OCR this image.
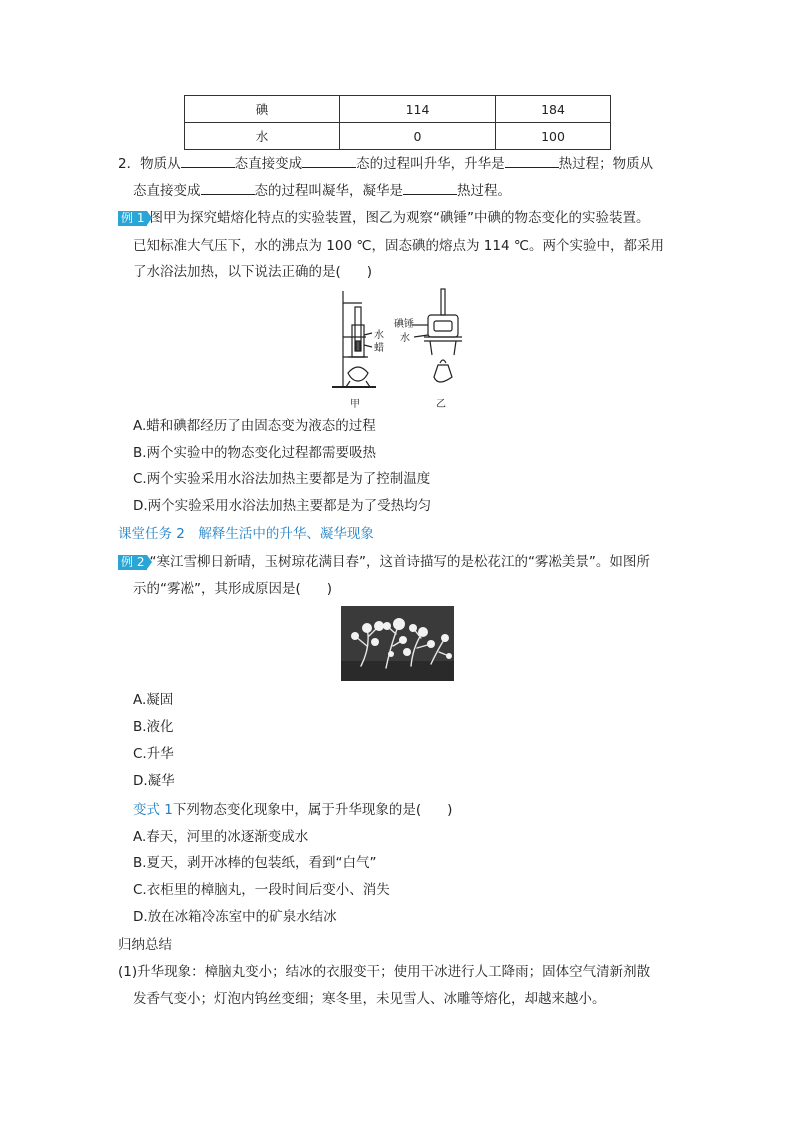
碘	114	184
水	0	100
2．物质从	态直接变成	态的过程叫升华，升华是	热过程；物质从
态直接变成	态的过程叫凝华，凝华是	热过程。
例 1 图甲为探究蜡熔化特点的实验装置，图乙为观察“碘锤”中碘的物态变化的实验装置。
已知标准大气压下，水的沸点为 100 ℃，固态碘的熔点为 114 ℃。两个实验中，都采用
了水浴法加热，以下说法正确的是( )
水
蜡
甲
碘锤
水
乙
A.蜡和碘都经历了由固态变为液态的过程
B.两个实验中的物态变化过程都需要吸热
C.两个实验采用水浴法加热主要都是为了控制温度
D.两个实验采用水浴法加热主要都是为了受热均匀
课堂任务 2　解释生活中的升华、凝华现象
例 2 “寒江雪柳日新晴，玉树琼花满目春”，这首诗描写的是松花江的“雾凇美景”。如图所
示的“雾凇”，其形成原因是( )
A.凝固
B.液化
C.升华
D.凝华
变式 1下列物态变化现象中，属于升华现象的是( )
A.春天，河里的冰逐渐变成水
B.夏天，剥开冰棒的包装纸，看到“白气”
C.衣柜里的樟脑丸，一段时间后变小、消失
D.放在冰箱冷冻室中的矿泉水结冰
归纳总结
(1)升华现象：樟脑丸变小；结冰的衣服变干；使用干冰进行人工降雨；固体空气清新剂散
发香气变小；灯泡内钨丝变细；寒冬里，未见雪人、冰雕等熔化，却越来越小。
